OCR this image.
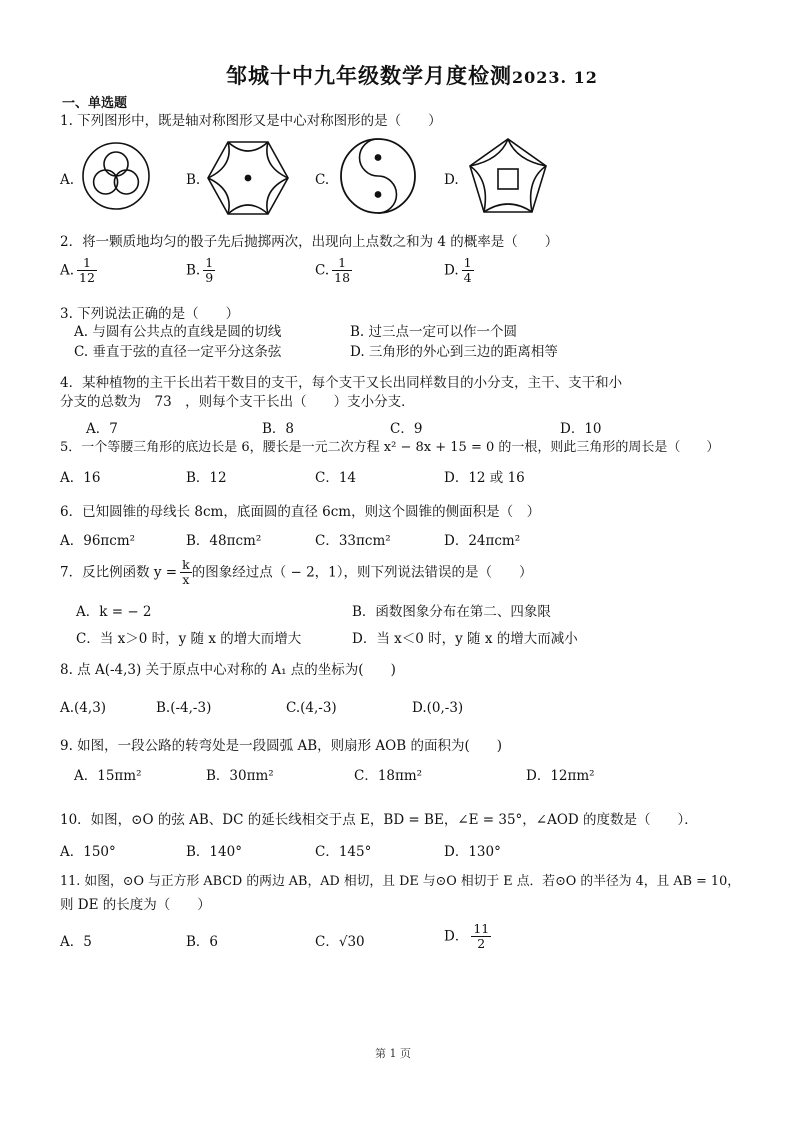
邹城十中九年级数学月度检测2023. 12
一、单选题
1. 下列图形中，既是轴对称图形又是中心对称图形的是（　　）
A.	B.	C.	D.
2．将一颗质地均匀的骰子先后抛掷两次，出现向上点数之和为 4 的概率是（　　）
A. $\frac{1}{12}$	B. $\frac{1}{9}$	C. $\frac{1}{18}$	D. $\frac{1}{4}$
3. 下列说法正确的是（　　）
A. 与圆有公共点的直线是圆的切线	B. 过三点一定可以作一个圆
C. 垂直于弦的直径一定平分这条弦	D. 三角形的外心到三边的距离相等
4．某种植物的主干长出若干数目的支干，每个支干又长出同样数目的小分支，主干、支干和小
分支的总数为　73　，则每个支干长出（　　）支小分支．
A．7	B．8	C．9	D．10
5．一个等腰三角形的底边长是 6，腰长是一元二次方程 x² − 8x + 15 = 0 的一根，则此三角形的周长是（　　）
A．16	B．12	C．14	D．12 或 16
6．已知圆锥的母线长 8cm，底面圆的直径 6cm，则这个圆锥的侧面积是（　）
A．96πcm²	B．48πcm²	C．33πcm²	D．24πcm²
7．反比例函数 $y = \frac{k}{x}$ 的图象经过点（ − 2，1），则下列说法错误的是（　　）
A．k = − 2	B．函数图象分布在第二、四象限
C．当 x＞0 时，y 随 x 的增大而增大	D．当 x＜0 时，y 随 x 的增大而减小
8. 点 A(-4,3) 关于原点中心对称的 A₁ 点的坐标为(　　)
A.(4,3)	B.(-4,-3)	C.(4,-3)	D.(0,-3)
9. 如图，一段公路的转弯处是一段圆弧 AB，则扇形 AOB 的面积为(　　)
A．15πm²	B．30πm²	C．18πm²	D．12πm²
10．如图，⊙O 的弦 AB、DC 的延长线相交于点 E，BD = BE，∠E = 35°，∠AOD 的度数是（　　）．
A．150°	B．140°	C．145°	D．130°
11. 如图，⊙O 与正方形 ABCD 的两边 AB，AD 相切，且 DE 与⊙O 相切于 E 点．若⊙O 的半径为 4，且 AB = 10，
则 DE 的长度为（　　）
A．5	B．6	C．√30	D． $\frac{11}{2}$
第 1 页
